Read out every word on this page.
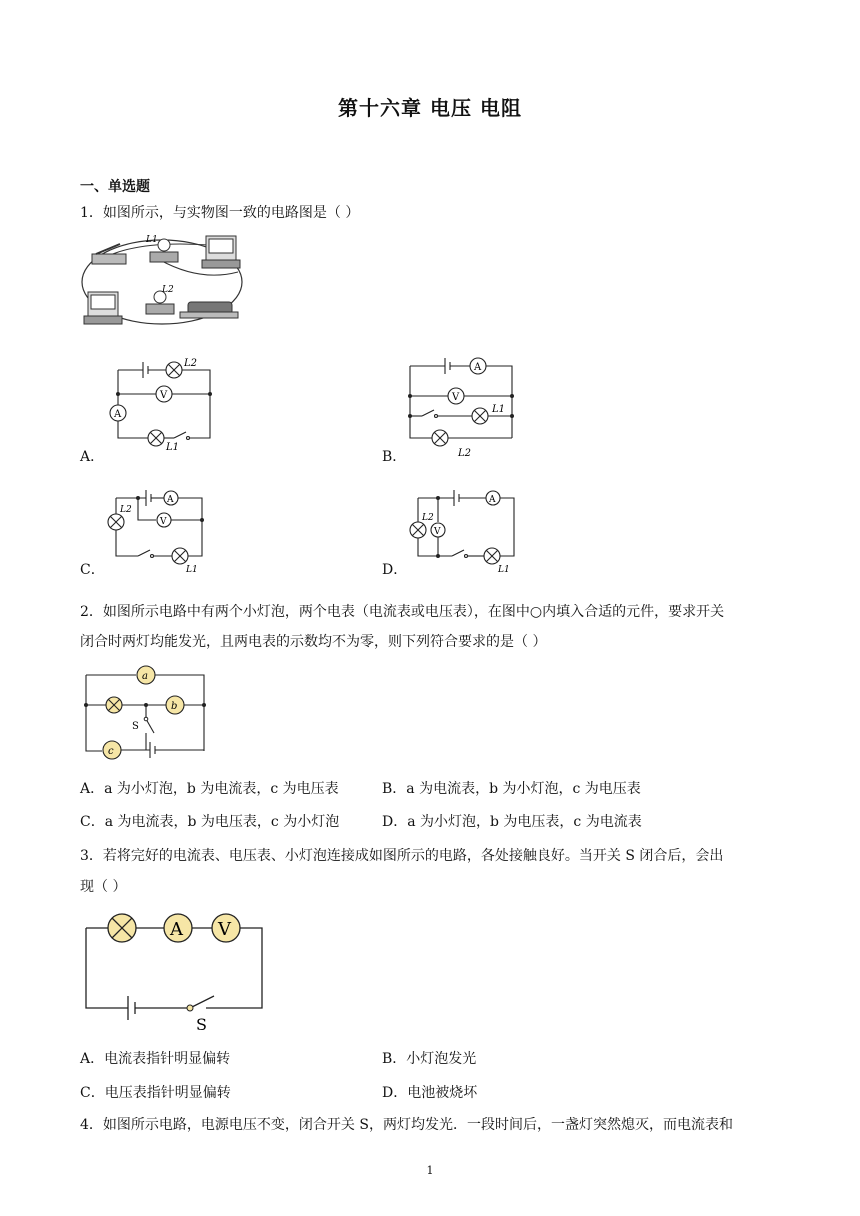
第十六章 电压 电阻
一、单选题
1．如图所示，与实物图一致的电路图是（ ）
L1
L2
A
V
L2
L1
A．
A
V
L1
L2
B．
A
V
L2
L1
C．
A
V
L2
L1
D．
2．如图所示电路中有两个小灯泡，两个电表（电流表或电压表），在图中○内填入合适的元件，要求开关
闭合时两灯均能发光，且两电表的示数均不为零，则下列符合要求的是（ ）
a
b
c
S
A．a 为小灯泡，b 为电流表，c 为电压表	B．a 为电流表，b 为小灯泡，c 为电压表
C．a 为电流表，b 为电压表，c 为小灯泡	D．a 为小灯泡，b 为电压表，c 为电流表
3．若将完好的电流表、电压表、小灯泡连接成如图所示的电路，各处接触良好。当开关 S 闭合后，会出
现（ ）
A V
S
A．电流表指针明显偏转	B．小灯泡发光
C．电压表指针明显偏转	D．电池被烧坏
4．如图所示电路，电源电压不变，闭合开关 S，两灯均发光．一段时间后，一盏灯突然熄灭，而电流表和
1
